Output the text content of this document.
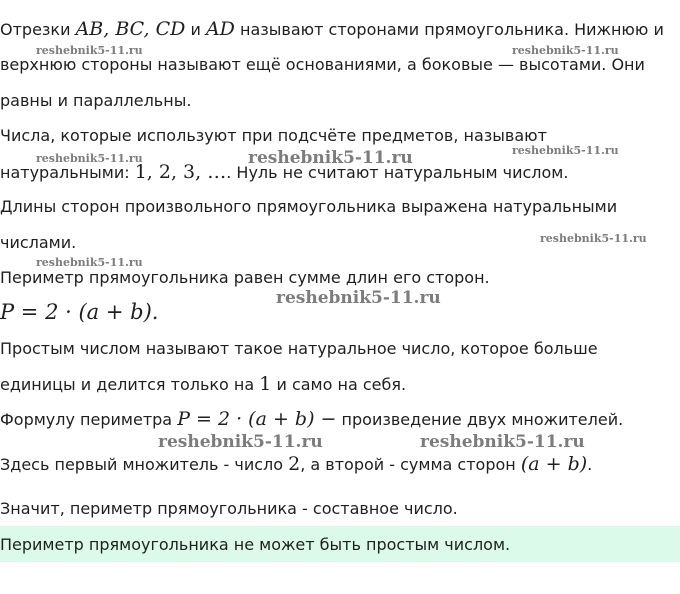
Отрезки AB, BC, CD и AD называют сторонами прямоугольника. Нижнюю и

верхнюю стороны называют ещё основаниями, а боковые — высотами. Они

равны и параллельны.

Числа, которые используют при подсчёте предметов, называют

натуральными: 1, 2, 3, …. Нуль не считают натуральным числом.

Длины сторон произвольного прямоугольника выражена натуральными

числами.

Периметр прямоугольника равен сумме длин его сторон.

P = 2 · (a + b).

Простым числом называют такое натуральное число, которое больше

единицы и делится только на 1 и само на себя.

Формулу периметра P = 2 · (a + b) − произведение двух множителей.

Здесь первый множитель - число 2, а второй - сумма сторон (a + b).

Значит, периметр прямоугольника - составное число.

Периметр прямоугольника не может быть простым числом.
reshebnik5-11.ru	reshebnik5-11.ru
reshebnik5-11.ru	reshebnik5-11.ru	reshebnik5-11.ru
reshebnik5-11.ru
reshebnik5-11.ru
reshebnik5-11.ru
reshebnik5-11.ru	reshebnik5-11.ru
